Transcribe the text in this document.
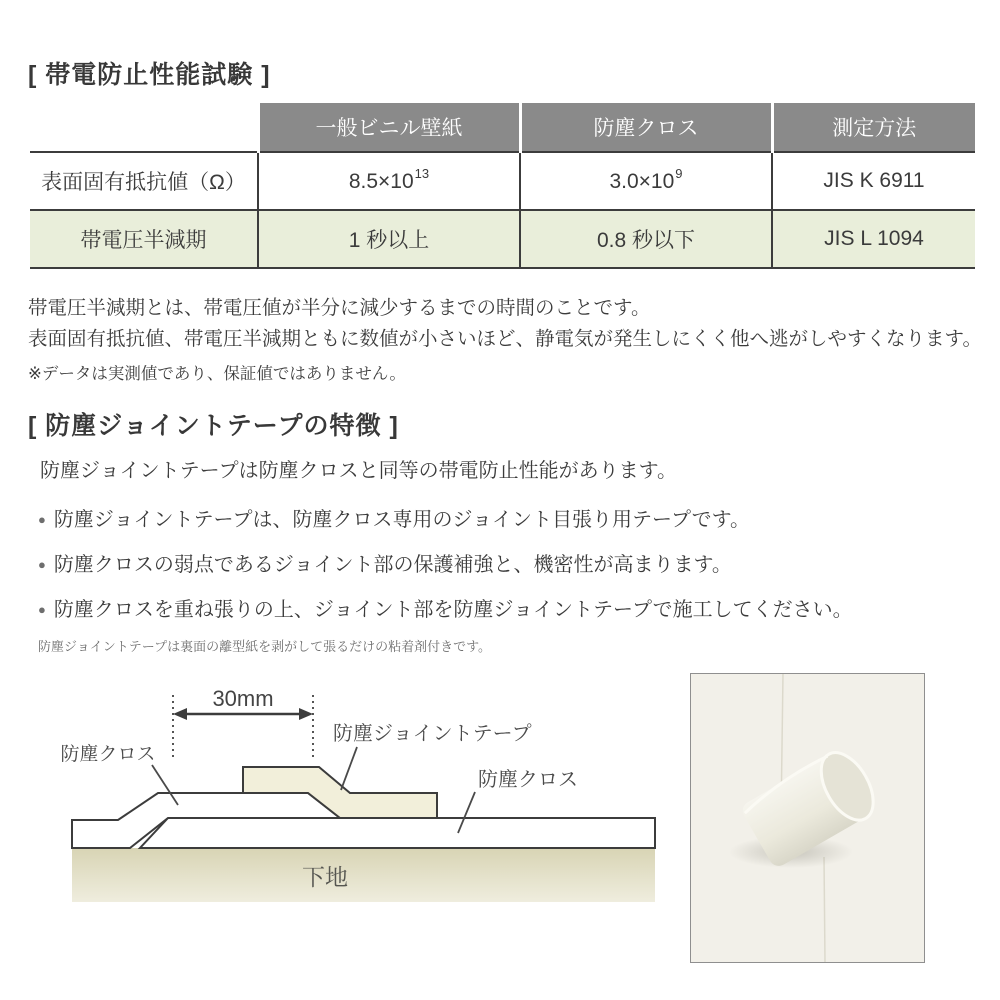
[ 帯電防止性能試験 ]
	一般ビニル壁紙	防塵クロス	測定方法
表面固有抵抗値（Ω）	$8.5\times 10^{13}$	$3.0\times 10^9$	JIS K 6911
帯電圧半減期	1 秒以上	0.8 秒以下	JIS L 1094
帯電圧半減期とは、帯電圧値が半分に減少するまでの時間のことです。
表面固有抵抗値、帯電圧半減期ともに数値が小さいほど、静電気が発生しにくく他へ逃がしやすくなります。
※データは実測値であり、保証値ではありません。
[ 防塵ジョイントテープの特徴 ]
防塵ジョイントテープは防塵クロスと同等の帯電防止性能があります。
● 防塵ジョイントテープは、防塵クロス専用のジョイント目張り用テープです。
● 防塵クロスの弱点であるジョイント部の保護補強と、機密性が高まります。
● 防塵クロスを重ね張りの上、ジョイント部を防塵ジョイントテープで施工してください。
防塵ジョイントテープは裏面の離型紙を剥がして張るだけの粘着剤付きです。
下地
30mm
防塵クロス
防塵ジョイントテープ
防塵クロス
